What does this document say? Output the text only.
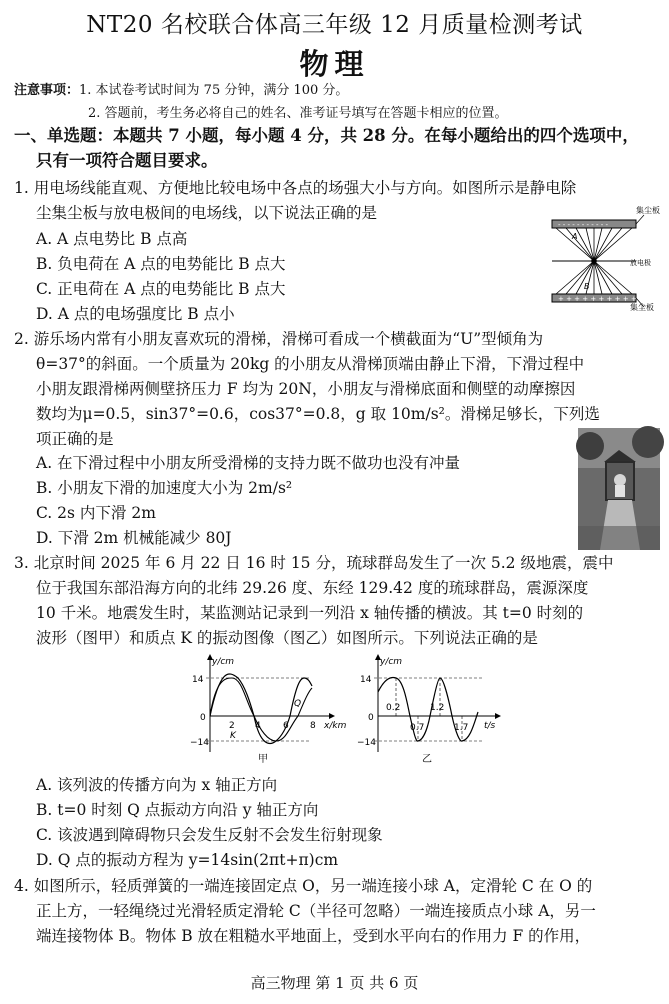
NT20 名校联合体高三年级 12 月质量检测考试
物理
注意事项：1. 本试卷考试时间为 75 分钟，满分 100 分。
2. 答题前，考生务必将自己的姓名、准考证号填写在答题卡相应的位置。
一、单选题：本题共 7 小题，每小题 4 分，共 28 分。在每小题给出的四个选项中，
只有一项符合题目要求。
1. 用电场线能直观、方便地比较电场中各点的场强大小与方向。如图所示是静电除
尘集尘板与放电极间的电场线，以下说法正确的是
A. A 点电势比 B 点高
B. 负电荷在 A 点的电势能比 B 点大
C. 正电荷在 A 点的电势能比 B 点大
D. A 点的电场强度比 B 点小
- - - - - - - - - - -
+ + + + + + + + + + +
集尘板
放电极
集尘板
A
B
2. 游乐场内常有小朋友喜欢玩的滑梯，滑梯可看成一个横截面为“U”型倾角为
θ=37°的斜面。一个质量为 20kg 的小朋友从滑梯顶端由静止下滑，下滑过程中
小朋友跟滑梯两侧壁挤压力 F 均为 20N，小朋友与滑梯底面和侧壁的动摩擦因
数均为μ=0.5，sin37°=0.6，cos37°=0.8，g 取 10m/s²。滑梯足够长，下列选
项正确的是
A. 在下滑过程中小朋友所受滑梯的支持力既不做功也没有冲量
B. 小朋友下滑的加速度大小为 2m/s²
C. 2s 内下滑 2m
D. 下滑 2m 机械能减少 80J
3. 北京时间 2025 年 6 月 22 日 16 时 15 分，琉球群岛发生了一次 5.2 级地震，震中
位于我国东部沿海方向的北纬 29.26 度、东经 129.42 度的琉球群岛，震源深度
10 千米。地震发生时，某监测站记录到一列沿 x 轴传播的横波。其 t=0 时刻的
波形（图甲）和质点 K 的振动图像（图乙）如图所示。下列说法正确的是
14
−14
0
y/cm
x/km
2 4 6 8
Q
K
甲
14
−14
0
y/cm
t/s
0.2
0.7
1.2
1.7
乙
A. 该列波的传播方向为 x 轴正方向
B. t=0 时刻 Q 点振动方向沿 y 轴正方向
C. 该波遇到障碍物只会发生反射不会发生衍射现象
D. Q 点的振动方程为 y=14sin(2πt+π)cm
4. 如图所示，轻质弹簧的一端连接固定点 O，另一端连接小球 A，定滑轮 C 在 O 的
正上方，一轻绳绕过光滑轻质定滑轮 C（半径可忽略）一端连接质点小球 A，另一
端连接物体 B。物体 B 放在粗糙水平地面上，受到水平向右的作用力 F 的作用，
高三物理 第 1 页 共 6 页
